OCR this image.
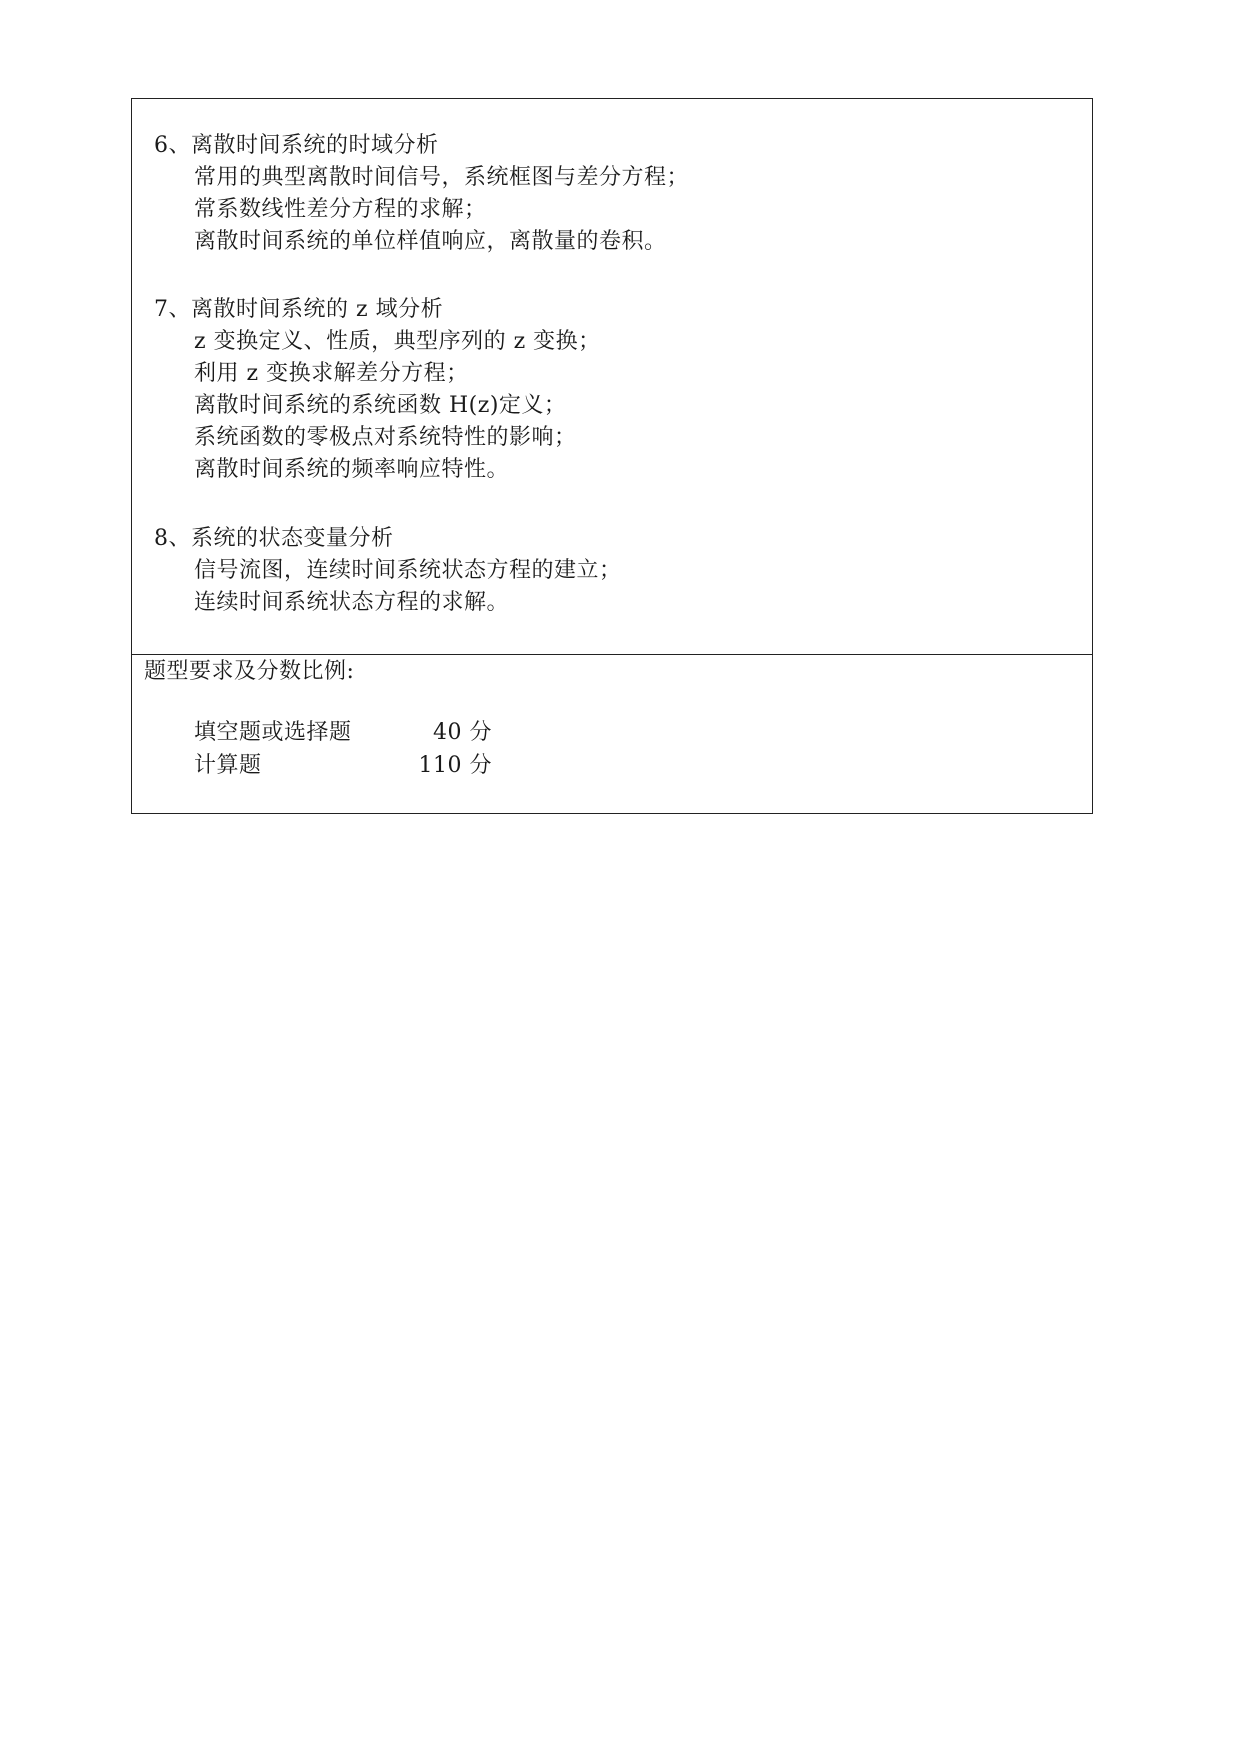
6、离散时间系统的时域分析
常用的典型离散时间信号，系统框图与差分方程；
常系数线性差分方程的求解；
离散时间系统的单位样值响应，离散量的卷积。
7、离散时间系统的 z 域分析
z 变换定义、性质，典型序列的 z 变换；
利用 z 变换求解差分方程；
离散时间系统的系统函数 H(z)定义；
系统函数的零极点对系统特性的影响；
离散时间系统的频率响应特性。
8、系统的状态变量分析
信号流图，连续时间系统状态方程的建立；
连续时间系统状态方程的求解。
题型要求及分数比例:
填空题或选择题	40 分
计算题	110 分
